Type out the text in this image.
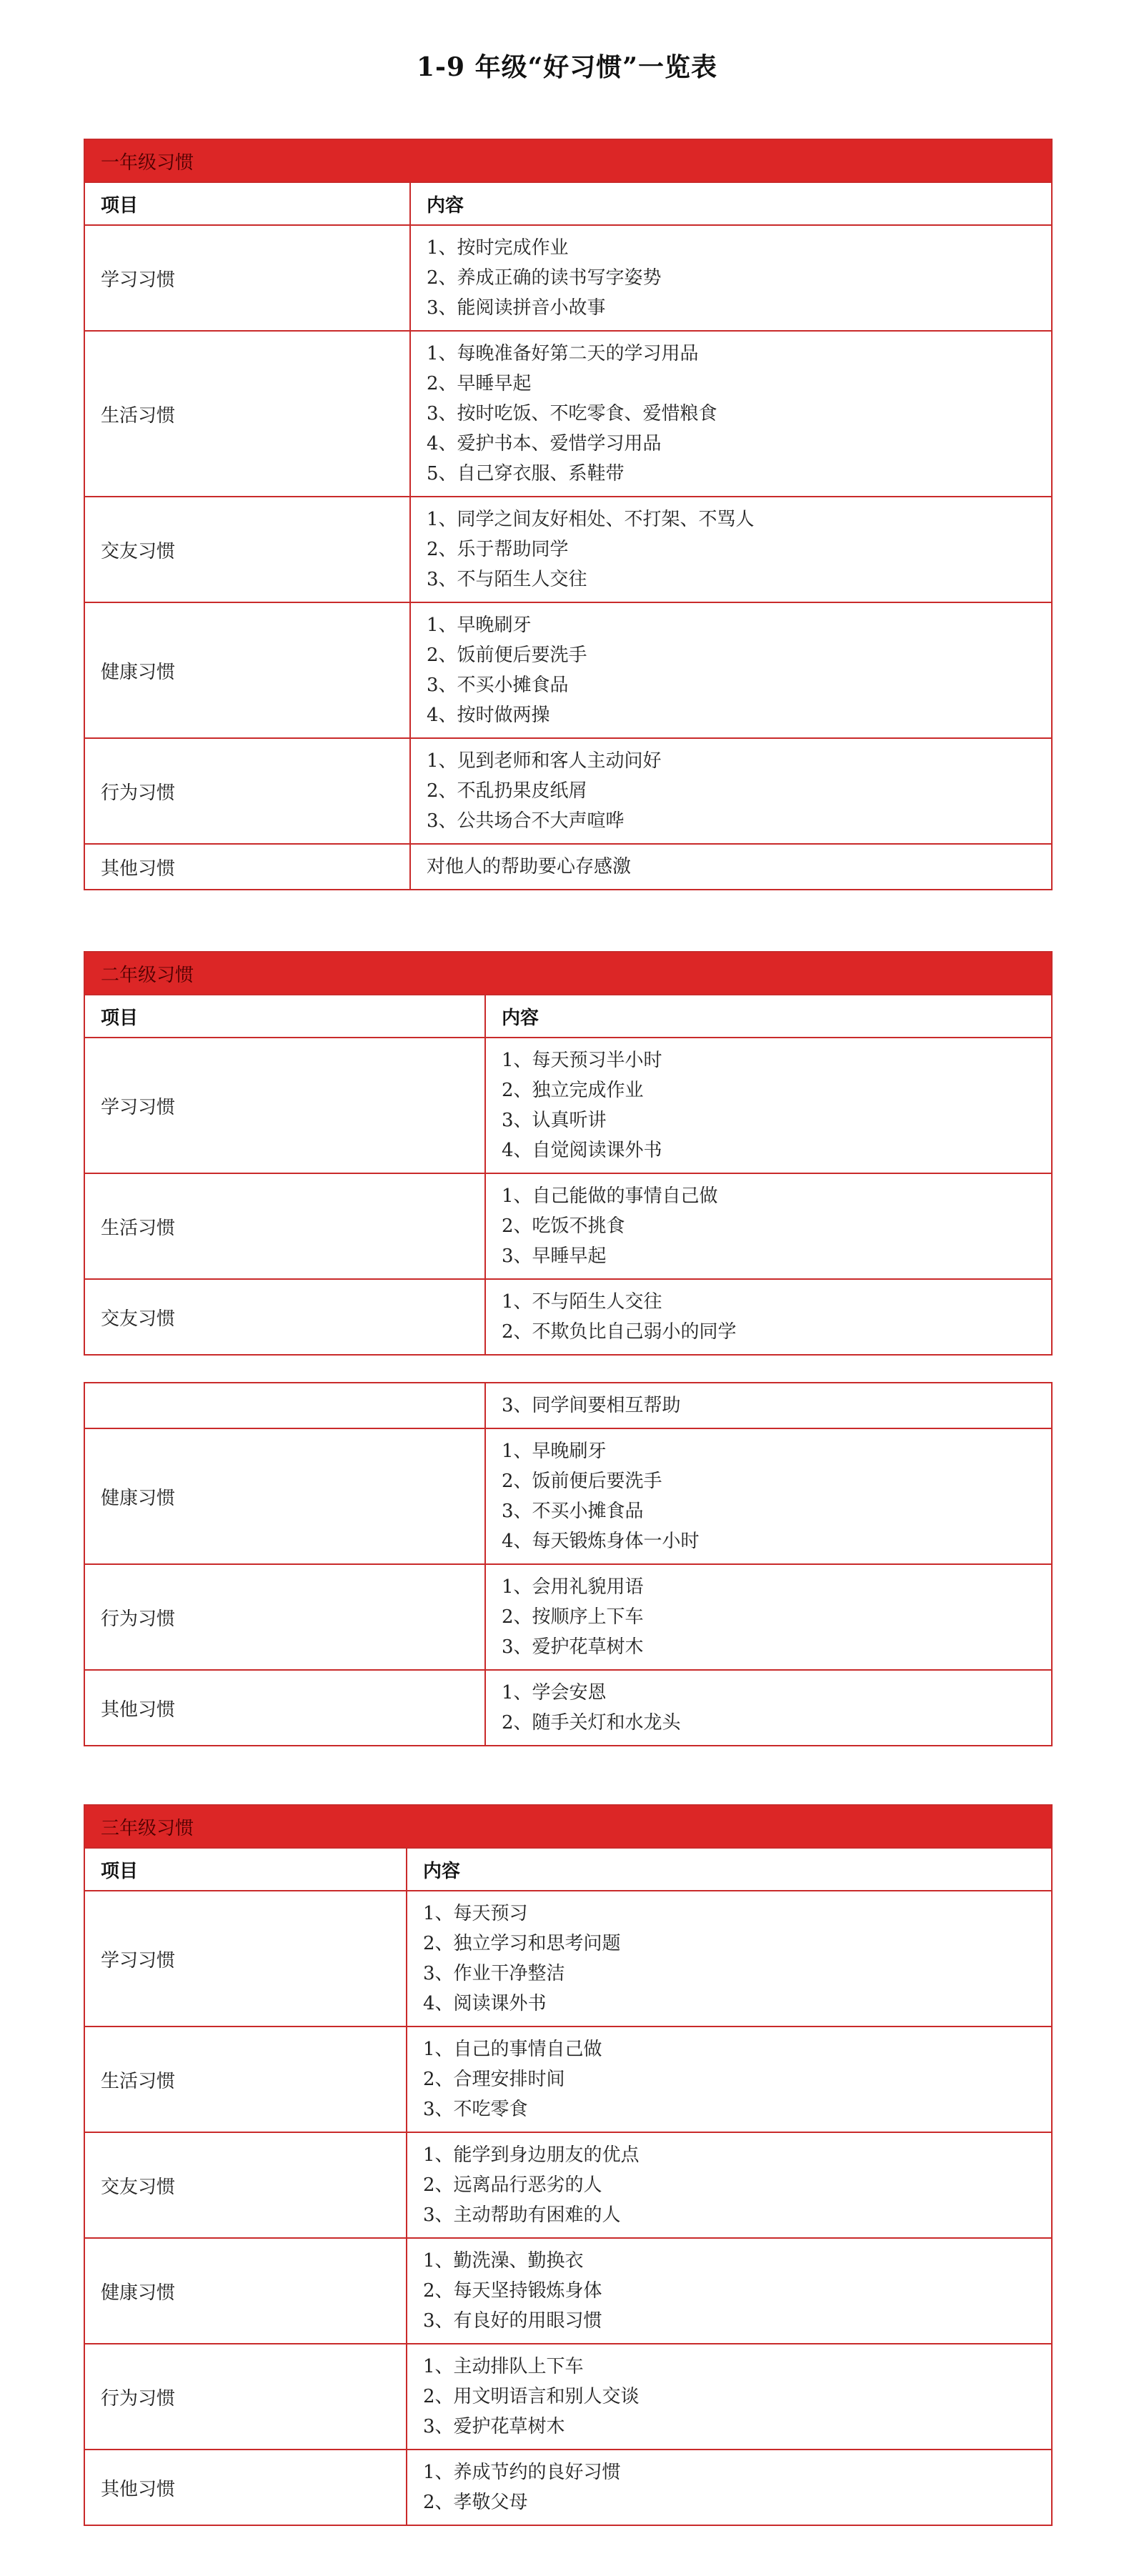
1-9 年级“好习惯”一览表
一年级习惯	
项目	内容
学习习惯	1、按时完成作业
2、养成正确的读书写字姿势
3、能阅读拼音小故事

生活习惯	1、每晚准备好第二天的学习用品
2、早睡早起
3、按时吃饭、不吃零食、爱惜粮食
4、爱护书本、爱惜学习用品
5、自己穿衣服、系鞋带

交友习惯	1、同学之间友好相处、不打架、不骂人
2、乐于帮助同学
3、不与陌生人交往

健康习惯	1、早晚刷牙
2、饭前便后要洗手
3、不买小摊食品
4、按时做两操

行为习惯	1、见到老师和客人主动问好
2、不乱扔果皮纸屑
3、公共场合不大声喧哗

其他习惯	对他人的帮助要心存感激
二年级习惯	
项目	内容
学习习惯	1、每天预习半小时
2、独立完成作业
3、认真听讲
4、自觉阅读课外书

生活习惯	1、自己能做的事情自己做
2、吃饭不挑食
3、早睡早起

交友习惯	1、不与陌生人交往
2、不欺负比自己弱小的同学

	3、同学间要相互帮助

健康习惯	1、早晚刷牙
2、饭前便后要洗手
3、不买小摊食品
4、每天锻炼身体一小时

行为习惯	1、会用礼貌用语
2、按顺序上下车
3、爱护花草树木

其他习惯	1、学会安恩
2、随手关灯和水龙头
三年级习惯	
项目	内容
学习习惯	1、每天预习
2、独立学习和思考问题
3、作业干净整洁
4、阅读课外书

生活习惯	1、自己的事情自己做
2、合理安排时间
3、不吃零食

交友习惯	1、能学到身边朋友的优点
2、远离品行恶劣的人
3、主动帮助有困难的人

健康习惯	1、勤洗澡、勤换衣
2、每天坚持锻炼身体
3、有良好的用眼习惯

行为习惯	1、主动排队上下车
2、用文明语言和别人交谈
3、爱护花草树木

其他习惯	1、养成节约的良好习惯
2、孝敬父母
